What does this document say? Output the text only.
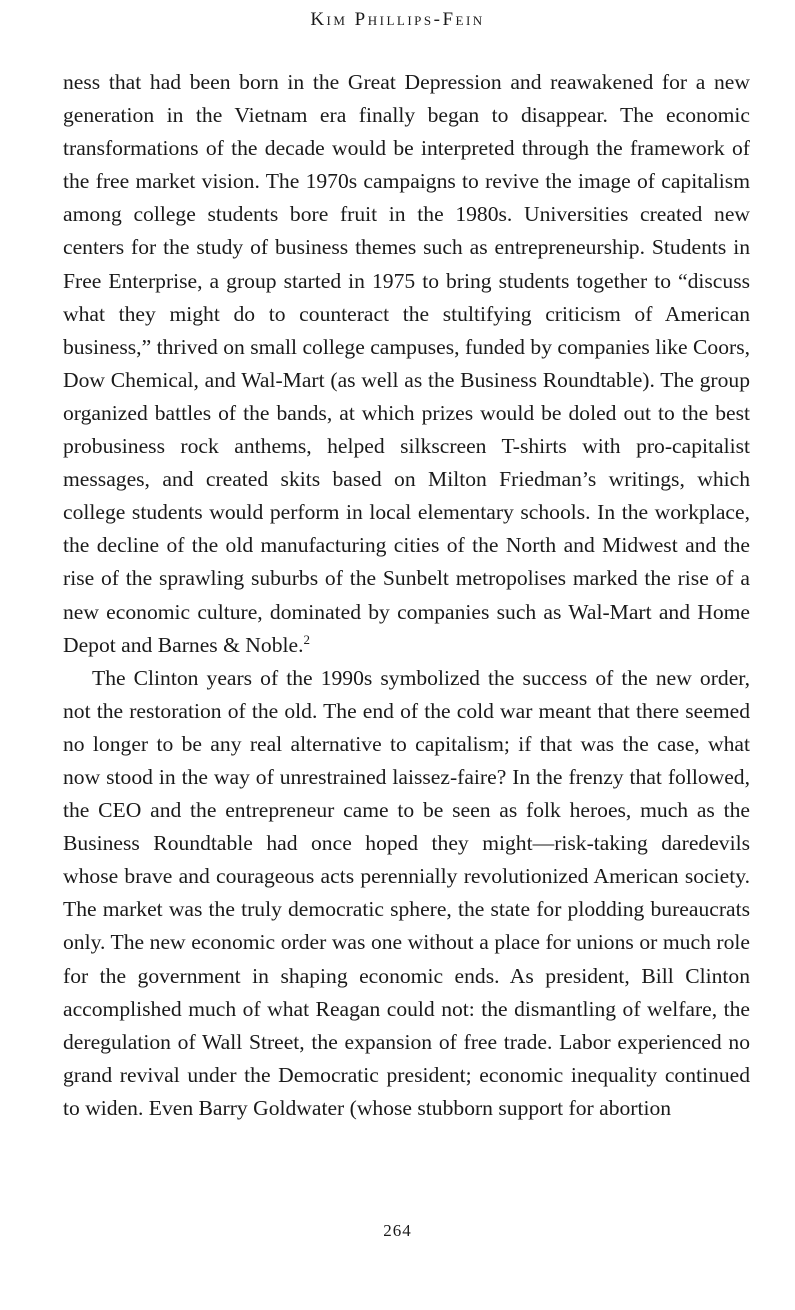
Kim Phillips-Fein

ness that had been born in the Great Depression and reawakened for a new generation in the Vietnam era finally began to disappear. The economic transformations of the decade would be interpreted through the framework of the free market vision. The 1970s campaigns to revive the image of capitalism among college students bore fruit in the 1980s. Universities created new centers for the study of business themes such as entrepreneurship. Students in Free Enterprise, a group started in 1975 to bring students together to “discuss what they might do to counteract the stultifying criticism of American business,” thrived on small college campuses, funded by companies like Coors, Dow Chemical, and Wal-Mart (as well as the Business Roundtable). The group organized battles of the bands, at which prizes would be doled out to the best probusiness rock anthems, helped silkscreen T-shirts with pro-capitalist messages, and created skits based on Milton Friedman’s writings, which college students would perform in local elementary schools. In the workplace, the decline of the old manufacturing cities of the North and Midwest and the rise of the sprawling suburbs of the Sunbelt metropolises marked the rise of a new economic culture, dominated by companies such as Wal-Mart and Home Depot and Barnes & Noble.$^2$

The Clinton years of the 1990s symbolized the success of the new order, not the restoration of the old. The end of the cold war meant that there seemed no longer to be any real alternative to capitalism; if that was the case, what now stood in the way of unrestrained laissez-faire? In the frenzy that followed, the CEO and the entrepreneur came to be seen as folk heroes, much as the Business Roundtable had once hoped they might—risk-taking daredevils whose brave and courageous acts perennially revolutionized American society. The market was the truly democratic sphere, the state for plodding bureaucrats only. The new economic order was one without a place for unions or much role for the government in shaping economic ends. As president, Bill Clinton accomplished much of what Reagan could not: the dismantling of welfare, the deregulation of Wall Street, the expansion of free trade. Labor experienced no grand revival under the Democratic president; economic inequality continued to widen. Even Barry Goldwater (whose stubborn support for abortion

264
